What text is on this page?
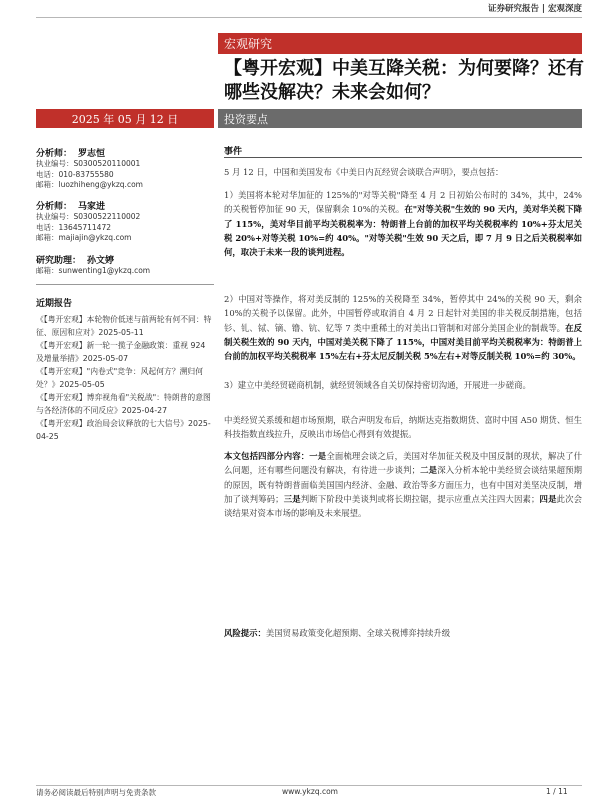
证券研究报告 | 宏观深度
宏观研究
【粤开宏观】中美互降关税：为何要降？还有哪些没解决？未来会如何？
2025 年 05 月 12 日	投资要点
分析师： 罗志恒
执业编号：S0300520110001
电话：010-83755580
邮箱：luozhiheng@ykzq.com
分析师： 马家进
执业编号：S0300522110002
电话：13645711472
邮箱：majiajin@ykzq.com
研究助理： 孙文婷
邮箱：sunwenting1@ykzq.com
近期报告
《【粤开宏观】本轮物价低迷与前两轮有何不同：特征、原因和应对》2025-05-11
《【粤开宏观】新一轮一揽子金融政策：重视 924 及增量举措》2025-05-07
《【粤开宏观】"内卷式"竞争：风起何方？溯归何处？》2025-05-05
《【粤开宏观】博弈视角看"关税战"：特朗普的意图与各经济体的不同反应》2025-04-27
《【粤开宏观】政治局会议释放的七大信号》2025-04-25
事件
5 月 12 日，中国和美国发布《中美日内瓦经贸会谈联合声明》，要点包括：
1）美国将本轮对华加征的 125%的"对等关税"降至 4 月 2 日初始公布时的 34%，其中，24%的关税暂停加征 90 天，保留剩余 10%的关税。在"对等关税"生效的 90 天内，美对华关税下降了 115%，美对华目前平均关税税率为：特朗普上台前的加权平均关税税率约 10%+芬太尼关税 20%+对等关税 10%=约 40%。"对等关税"生效 90 天之后，即 7 月 9 日之后关税税率如何，取决于未来一段的谈判进程。
2）中国对等操作，将对美反制的 125%的关税降至 34%，暂停其中 24%的关税 90 天，剩余 10%的关税予以保留。此外，中国暂停或取消自 4 月 2 日起针对美国的非关税反制措施，包括钐、钆、铽、镝、镥、钪、钇等 7 类中重稀土的对美出口管制和对部分美国企业的制裁等。在反制关税生效的 90 天内，中国对美关税下降了 115%，中国对美目前平均关税税率为：特朗普上台前的加权平均关税税率 15%左右+芬太尼反制关税 5%左右+对等反制关税 10%=约 30%。
3）建立中美经贸磋商机制，就经贸领域各自关切保持密切沟通，开展进一步磋商。
中美经贸关系缓和超市场预期，联合声明发布后，纳斯达克指数期货、富时中国 A50 期货、恒生科技指数直线拉升，反映出市场信心得到有效提振。
本文包括四部分内容：一是全面梳理会谈之后，美国对华加征关税及中国反制的现状，解决了什么问题，还有哪些问题没有解决，有待进一步谈判；二是深入分析本轮中美经贸会谈结果超预期的原因，既有特朗普面临美国国内经济、金融、政治等多方面压力，也有中国对美坚决反制，增加了谈判筹码；三是判断下阶段中美谈判或将长期拉锯，提示应重点关注四大因素；四是此次会谈结果对资本市场的影响及未来展望。
风险提示：美国贸易政策变化超预期、全球关税博弈持续升级
请务必阅读最后特别声明与免责条款	www.ykzq.com	1 / 11
